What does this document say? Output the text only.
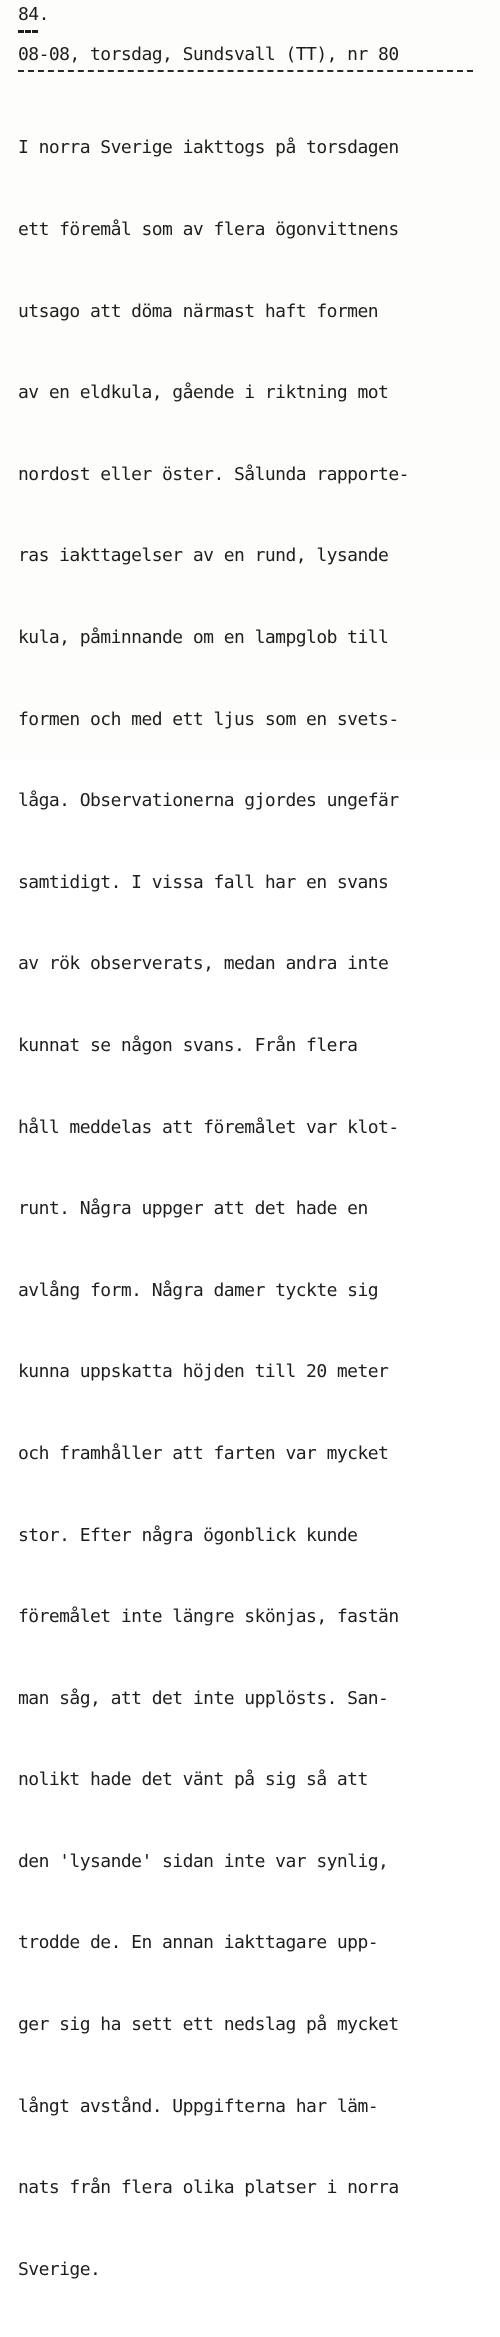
84.
08-08, torsdag, Sundsvall (TT), nr 80

I norra Sverige iakttogs på torsdagen

ett föremål som av flera ögonvittnens

utsago att döma närmast haft formen

av en eldkula, gående i riktning mot

nordost eller öster. Sålunda rapporte-

ras iakttagelser av en rund, lysande

kula, påminnande om en lampglob till

formen och med ett ljus som en svets-

låga. Observationerna gjordes ungefär

samtidigt. I vissa fall har en svans

av rök observerats, medan andra inte

kunnat se någon svans. Från flera

håll meddelas att föremålet var klot-

runt. Några uppger att det hade en

avlång form. Några damer tyckte sig

kunna uppskatta höjden till 20 meter

och framhåller att farten var mycket

stor. Efter några ögonblick kunde

föremålet inte längre skönjas, fastän

man såg, att det inte upplösts. San-

nolikt hade det vänt på sig så att

den 'lysande' sidan inte var synlig,

trodde de. En annan iakttagare upp-

ger sig ha sett ett nedslag på mycket

långt avstånd. Uppgifterna har läm-

nats från flera olika platser i norra

Sverige.
